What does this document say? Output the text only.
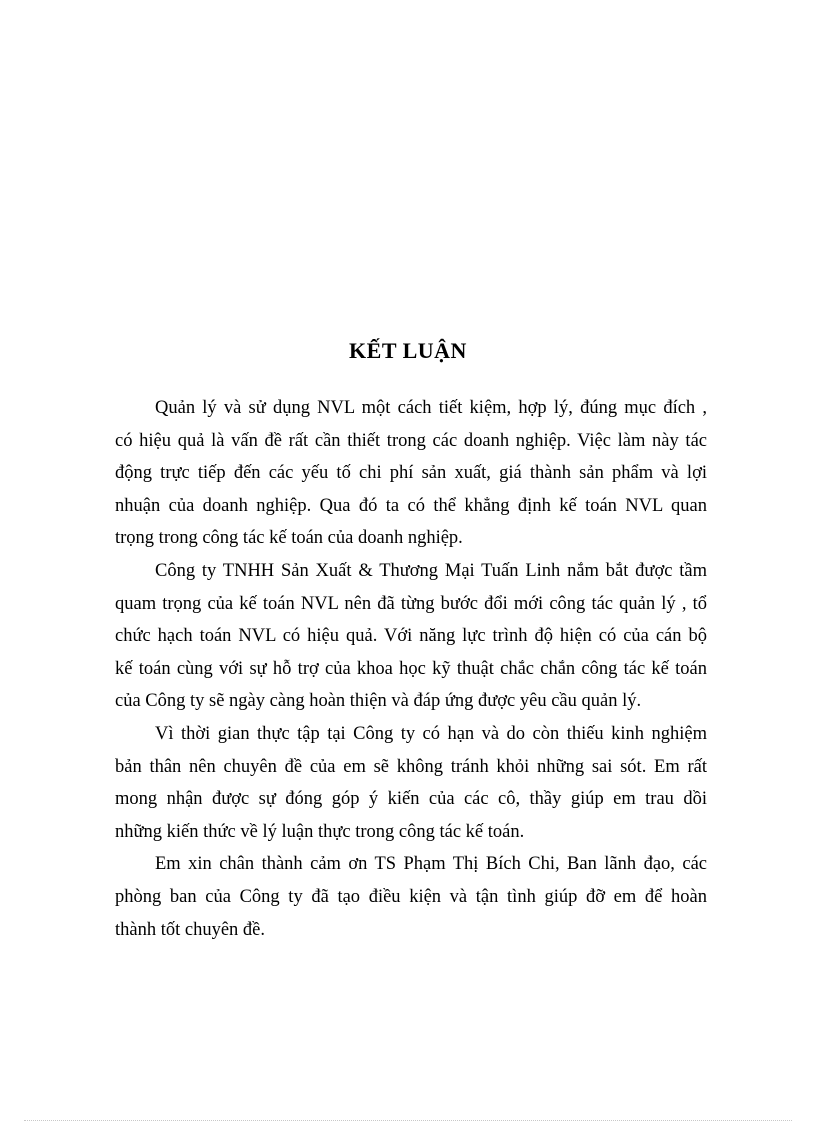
KẾT LUẬN

Quản lý và sử dụng NVL một cách tiết kiệm, hợp lý, đúng mục đích ,
có hiệu quả là vấn đề rất cần thiết trong các doanh nghiệp. Việc làm này tác
động trực tiếp đến các yếu tố chi phí sản xuất, giá thành sản phẩm và lợi
nhuận của doanh nghiệp. Qua đó ta có thể khẳng định kế toán NVL quan
trọng trong công tác kế toán của doanh nghiệp.

Công ty TNHH Sản Xuất & Thương Mại Tuấn Linh nắm bắt được tầm
quam trọng của kế toán NVL nên đã từng bước đổi mới công tác quản lý , tổ
chức hạch toán NVL có hiệu quả. Với năng lực trình độ hiện có của cán bộ
kế toán cùng với sự hỗ trợ của khoa học kỹ thuật chắc chắn công tác kế toán
của Công ty sẽ ngày càng hoàn thiện và đáp ứng được yêu cầu quản lý.

Vì thời gian thực tập tại Công ty có hạn và do còn thiếu kinh nghiệm
bản thân nên chuyên đề của em sẽ không tránh khỏi những sai sót. Em rất
mong nhận được sự đóng góp ý kiến của các cô, thầy giúp em trau dồi
những kiến thức về lý luận thực trong công tác kế toán.

Em xin chân thành cảm ơn TS Phạm Thị Bích Chi, Ban lãnh đạo, các
phòng ban của Công ty đã tạo điều kiện và tận tình giúp đỡ em để hoàn
thành tốt chuyên đề.
